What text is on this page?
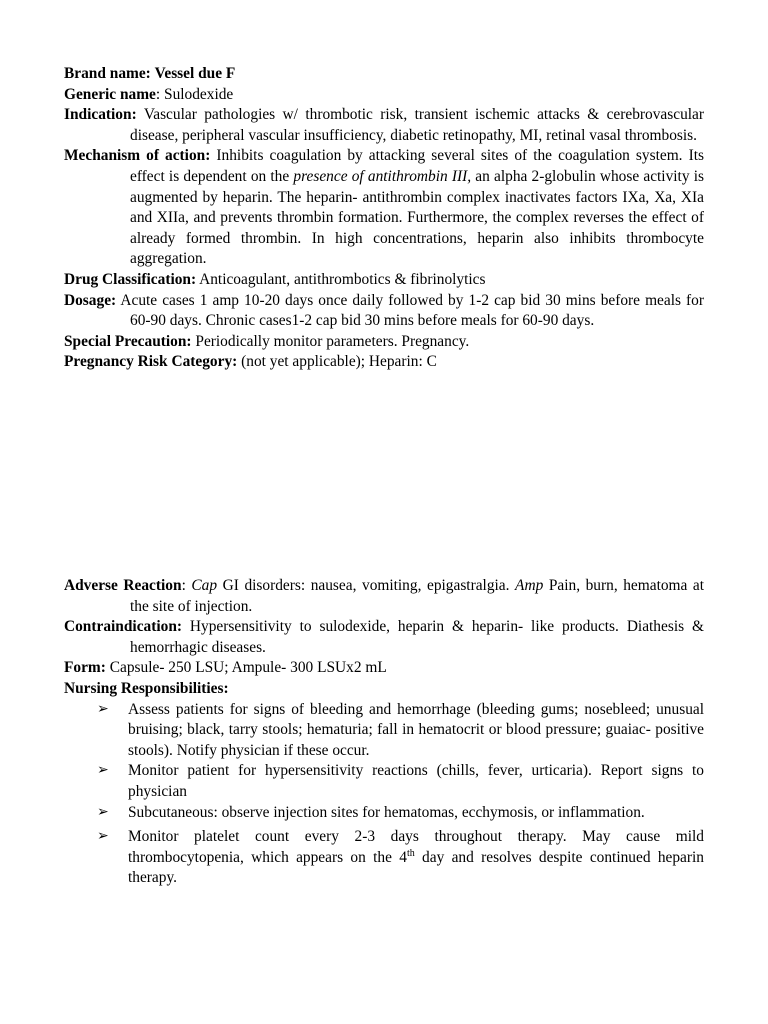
Brand name: Vessel due F

Generic name: Sulodexide

Indication: Vascular pathologies w/ thrombotic risk, transient ischemic attacks & cerebrovascular disease, peripheral vascular insufficiency, diabetic retinopathy, MI, retinal vasal thrombosis.

Mechanism of action: Inhibits coagulation by attacking several sites of the coagulation system. Its effect is dependent on the presence of antithrombin III, an alpha 2-globulin whose activity is augmented by heparin. The heparin- antithrombin complex inactivates factors IXa, Xa, XIa and XIIa, and prevents thrombin formation. Furthermore, the complex reverses the effect of already formed thrombin. In high concentrations, heparin also inhibits thrombocyte aggregation.

Drug Classification: Anticoagulant, antithrombotics & fibrinolytics

Dosage: Acute cases 1 amp 10-20 days once daily followed by 1-2 cap bid 30 mins before meals for 60-90 days. Chronic cases1-2 cap bid 30 mins before meals for 60-90 days.

Special Precaution: Periodically monitor parameters. Pregnancy.

Pregnancy Risk Category: (not yet applicable); Heparin: C

Adverse Reaction: Cap GI disorders: nausea, vomiting, epigastralgia. Amp Pain, burn, hematoma at the site of injection.

Contraindication: Hypersensitivity to sulodexide, heparin & heparin- like products. Diathesis & hemorrhagic diseases.

Form: Capsule- 250 LSU; Ampule- 300 LSUx2 mL

Nursing Responsibilities:

➢ Assess patients for signs of bleeding and hemorrhage (bleeding gums; nosebleed; unusual bruising; black, tarry stools; hematuria; fall in hematocrit or blood pressure; guaiac- positive stools). Notify physician if these occur.
➢ Monitor patient for hypersensitivity reactions (chills, fever, urticaria). Report signs to physician
➢ Subcutaneous: observe injection sites for hematomas, ecchymosis, or inflammation.
➢ Monitor platelet count every 2-3 days throughout therapy. May cause mild thrombocytopenia, which appears on the 4th day and resolves despite continued heparin therapy.
